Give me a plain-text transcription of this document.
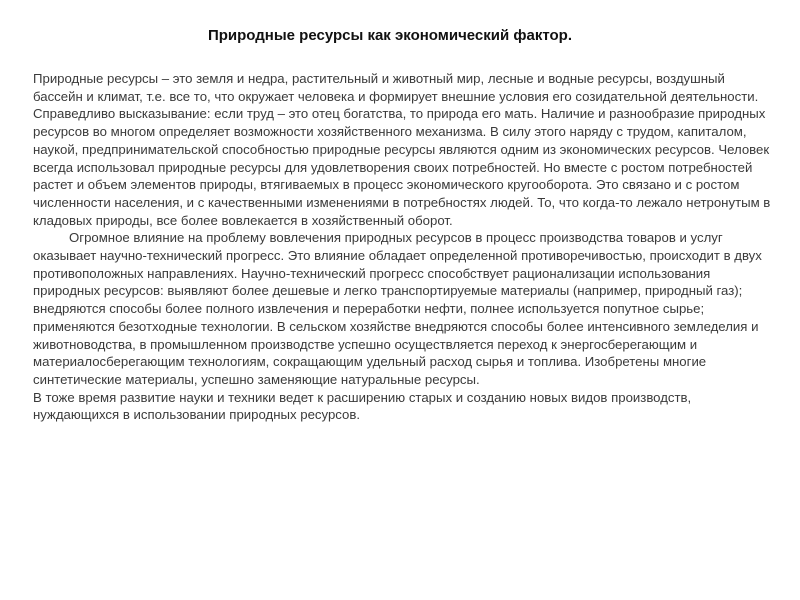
Природные ресурсы как экономический фактор.

Природные ресурсы – это земля и недра, растительный и животный мир, лесные и водные ресурсы, воздушный бассейн и климат, т.е. все то, что окружает человека и формирует внешние условия его созидательной деятельности. Справедливо высказывание: если труд – это отец богатства, то природа его мать. Наличие и разнообразие природных ресурсов во многом определяет возможности хозяйственного механизма. В силу этого наряду с трудом, капиталом, наукой, предпринимательской способностью природные ресурсы являются одним из экономических ресурсов. Человек всегда использовал природные ресурсы для удовлетворения своих потребностей. Но вместе с ростом потребностей растет и объем элементов природы, втягиваемых в процесс экономического кругооборота. Это связано и с ростом численности населения, и с качественными изменениями в потребностях людей. То, что когда-то лежало нетронутым в кладовых природы, все более вовлекается в хозяйственный оборот.

Огромное влияние на проблему вовлечения природных ресурсов в процесс производства товаров и услуг оказывает научно-технический прогресс. Это влияние обладает определенной противоречивостью, происходит в двух противоположных направлениях. Научно-технический прогресс способствует рационализации использования природных ресурсов: выявляют более дешевые и легко транспортируемые материалы (например, природный газ); внедряются способы более полного извлечения и переработки нефти, полнее используется попутное сырье; применяются безотходные технологии. В сельском хозяйстве внедряются способы более интенсивного земледелия и животноводства, в промышленном производстве успешно осуществляется переход к энергосберегающим и материалосберегающим технологиям, сокращающим удельный расход сырья и топлива. Изобретены многие синтетические материалы, успешно заменяющие натуральные ресурсы.

В тоже время развитие науки и техники ведет к расширению старых и созданию новых видов производств, нуждающихся в использовании природных ресурсов.
